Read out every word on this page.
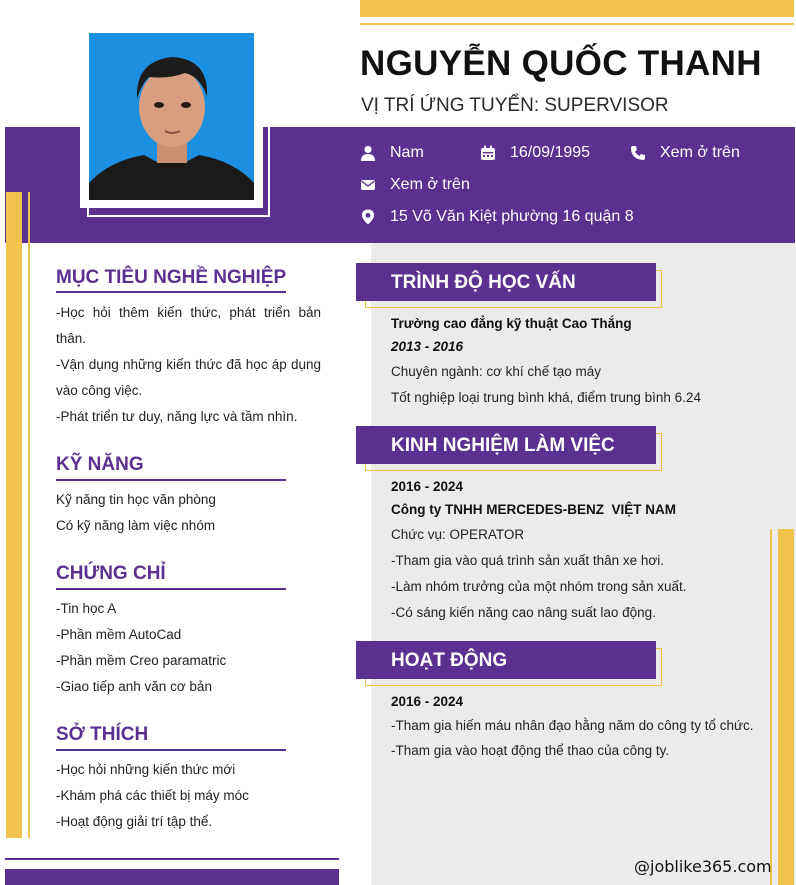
NGUYỄN QUỐC THANH
VỊ TRÍ ỨNG TUYỂN: SUPERVISOR
Nam	16/09/1995	Xem ở trên
Xem ở trên
15 Võ Văn Kiệt phường 16 quận 8
MỤC TIÊU NGHỀ NGHIỆP

-Học hỏi thêm kiến thức, phát triển bản thân.

-Vận dụng những kiến thức đã học áp dụng vào công việc.

-Phát triển tư duy, năng lực và tầm nhìn.

KỸ NĂNG

Kỹ năng tin học văn phòng

Có kỹ năng làm việc nhóm

CHỨNG CHỈ

-Tin học A

-Phần mềm AutoCad

-Phần mềm Creo paramatric

-Giao tiếp anh văn cơ bản

SỞ THÍCH

-Học hỏi những kiến thức mới

-Khám phá các thiết bị máy móc

-Hoạt động giải trí tập thể.

TRÌNH ĐỘ HỌC VẤN
Trường cao đẳng kỹ thuật Cao Thắng
2013 - 2016

Chuyên ngành: cơ khí chế tạo máy

Tốt nghiệp loại trung bình khá, điểm trung bình 6.24

KINH NGHIỆM LÀM VIỆC
2016 - 2024
Công ty TNHH MERCEDES-BENZ  VIỆT NAM

Chức vụ: OPERATOR

-Tham gia vào quá trình sản xuất thân xe hơi.

-Làm nhóm trưởng của một nhóm trong sản xuất.

-Có sáng kiến năng cao nâng suất lao động.

HOẠT ĐỘNG
2016 - 2024

-Tham gia hiến máu nhân đạo hằng năm do công ty tổ chức.

-Tham gia vào hoạt động thể thao của công ty.

@joblike365.com
